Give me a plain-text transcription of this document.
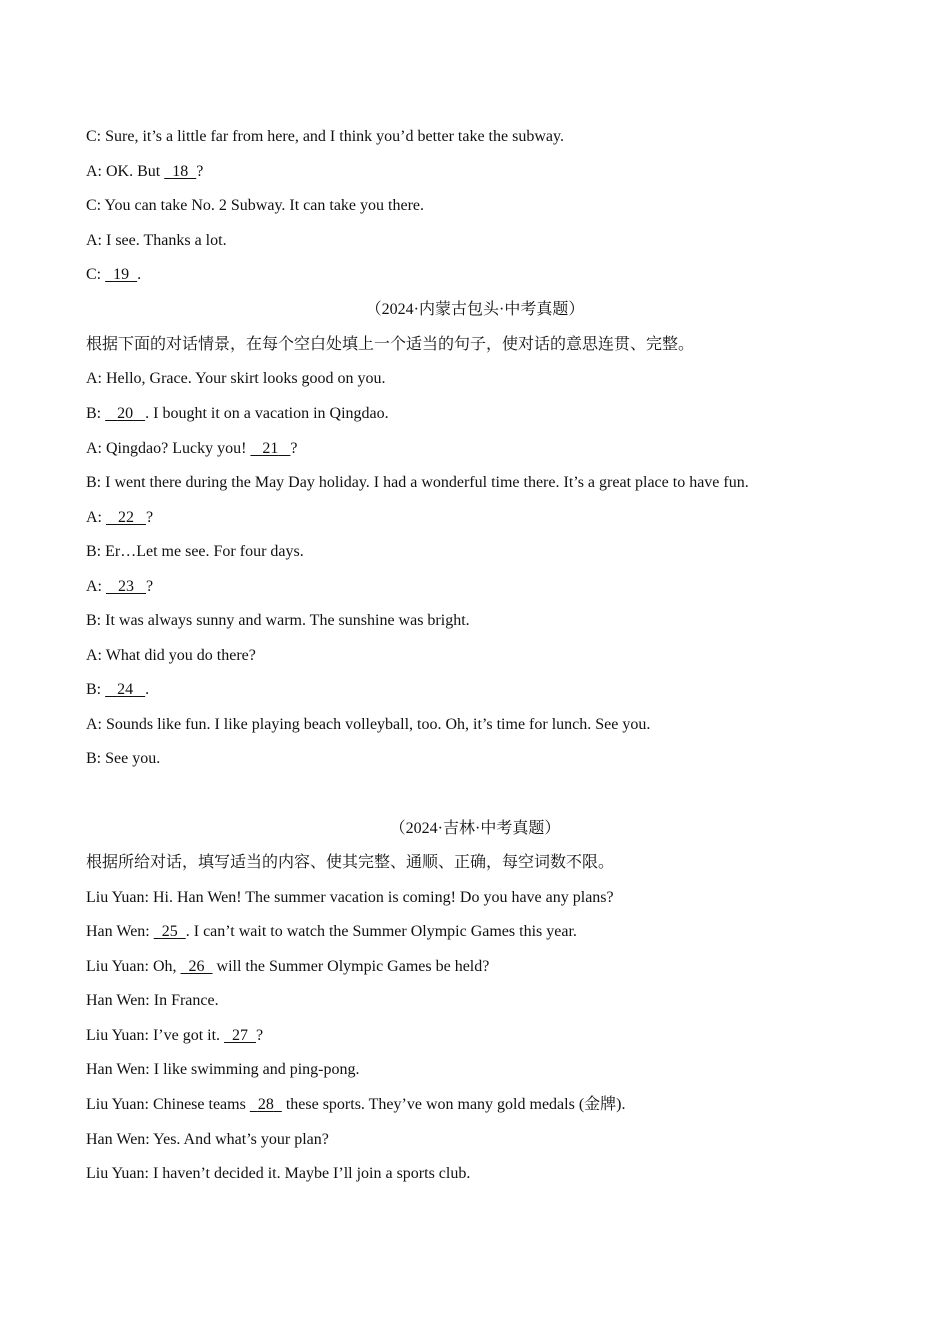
C: Sure, it’s a little far from here, and I think you’d better take the subway.
A: OK. But   18 ?
C: You can take No. 2 Subway. It can take you there.
A: I see. Thanks a lot.
C:   19 .
（2024·内蒙古包头·中考真题）
根据下面的对话情景，在每个空白处填上一个适当的句子，使对话的意思连贯、完整。
A: Hello, Grace. Your skirt looks good on you.
B:    20 . I bought it on a vacation in Qingdao.
A: Qingdao? Lucky you!    21 ?
B: I went there during the May Day holiday. I had a wonderful time there. It’s a great place to have fun.
A:    22 ?
B: Er…Let me see. For four days.
A:    23 ?
B: It was always sunny and warm. The sunshine was bright.
A: What did you do there?
B:    24 .
A: Sounds like fun. I like playing beach volleyball, too. Oh, it’s time for lunch. See you.
B: See you.
（2024·吉林·中考真题）
根据所给对话，填写适当的内容、使其完整、通顺、正确，每空词数不限。
Liu Yuan: Hi. Han Wen! The summer vacation is coming! Do you have any plans?
Han Wen:   25 . I can’t wait to watch the Summer Olympic Games this year.
Liu Yuan: Oh,   26   will the Summer Olympic Games be held?
Han Wen: In France.
Liu Yuan: I’ve got it.   27 ?
Han Wen: I like swimming and ping-pong.
Liu Yuan: Chinese teams   28   these sports. They’ve won many gold medals (金牌).
Han Wen: Yes. And what’s your plan?
Liu Yuan: I haven’t decided it. Maybe I’ll join a sports club.
